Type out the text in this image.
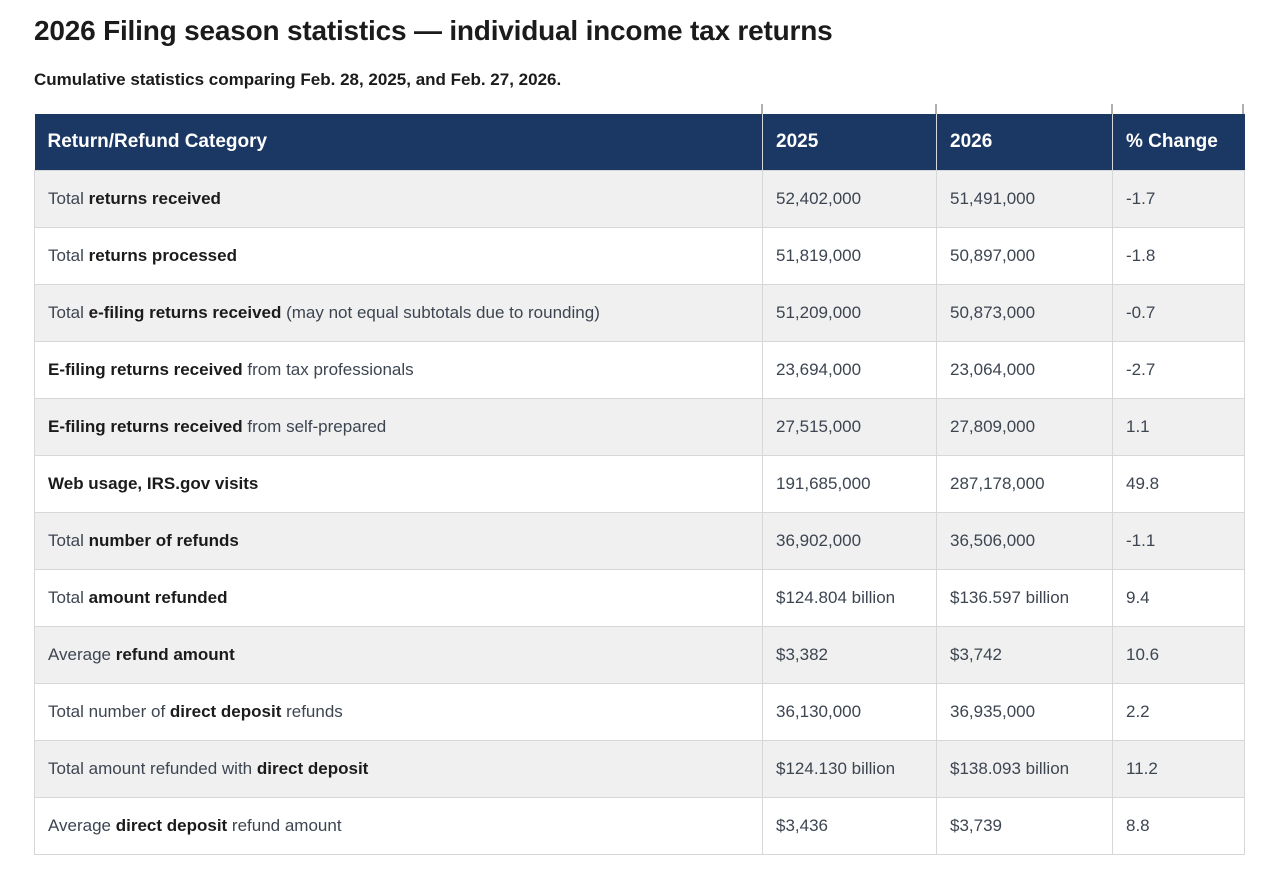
2026 Filing season statistics — individual income tax returns

Cumulative statistics comparing Feb. 28, 2025, and Feb. 27, 2026.

Return/Refund Category	2025	2026	% Change
Total returns received	52,402,000	51,491,000	-1.7
Total returns processed	51,819,000	50,897,000	-1.8
Total e-filing returns received (may not equal subtotals due to rounding)	51,209,000	50,873,000	-0.7
E-filing returns received from tax professionals	23,694,000	23,064,000	-2.7
E-filing returns received from self-prepared	27,515,000	27,809,000	1.1
Web usage, IRS.gov visits	191,685,000	287,178,000	49.8
Total number of refunds	36,902,000	36,506,000	-1.1
Total amount refunded	$124.804 billion	$136.597 billion	9.4
Average refund amount	$3,382	$3,742	10.6
Total number of direct deposit refunds	36,130,000	36,935,000	2.2
Total amount refunded with direct deposit	$124.130 billion	$138.093 billion	11.2
Average direct deposit refund amount	$3,436	$3,739	8.8
